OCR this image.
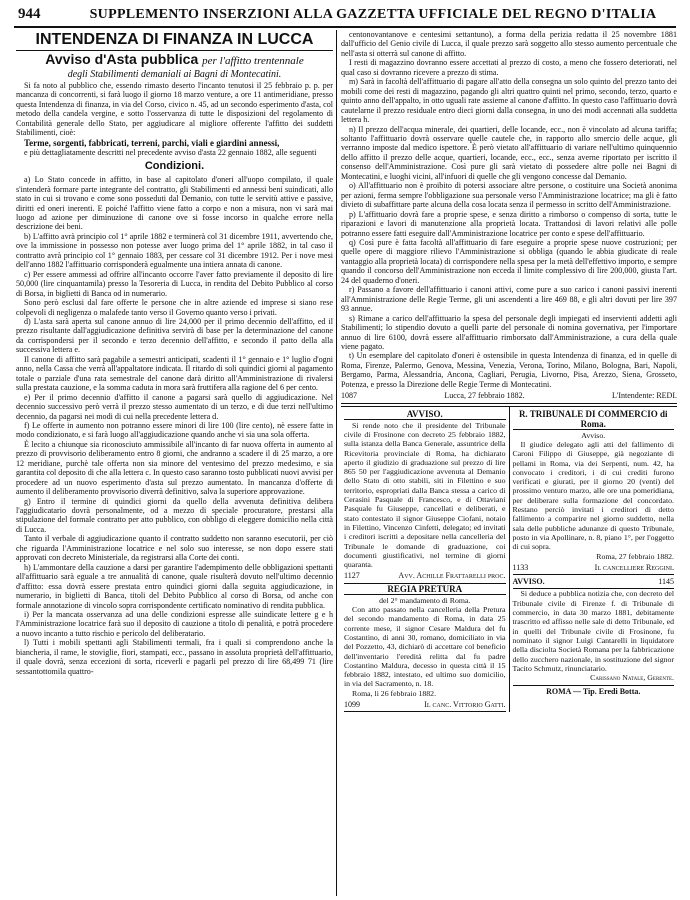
944	SUPPLEMENTO INSERZIONI ALLA GAZZETTA UFFICIALE DEL REGNO D'ITALIA
INTENDENZA DI FINANZA IN LUCCA
Avviso d'Asta pubblica per l'affitto trentennale
degli Stabilimenti demaniali ai Bagni di Montecatini.

Si fa noto al pubblico che, essendo rimasto deserto l'incanto tenutosi il 25 febbraio p. p. per mancanza di concorrenti, si farà luogo il giorno 18 marzo venture, a ore 11 antimeridiane, presso questa Intendenza di finanza, in via del Corso, civico n. 45, ad un secondo esperimento d'asta, col metodo della candela vergine, e sotto l'osservanza di tutte le disposizioni del regolamento di Contabilità generale dello Stato, per aggiudicare al migliore offerente l'affitto dei suddetti Stabilimenti, cioè:

Terme, sorgenti, fabbricati, terreni, parchi, viali e giardini annessi,

e più dettagliatamente descritti nel precedente avviso d'asta 22 gennaio 1882, alle seguenti

Condizioni.

a) Lo Stato concede in affitto, in base al capitolato d'oneri all'uopo compilato, il quale s'intenderà formare parte integrante del contratto, gli Stabilimenti ed annessi beni suindicati, allo stato in cui si trovano e come sono posseduti dal Demanio, con tutte le servitù attive e passive, diritti ed oneri inerenti. E poiché l'affitto viene fatto a corpo e non a misura, non vi sarà mai luogo ad azione per diminuzione di canone ove si fosse incorso in qualche errore nella descrizione dei beni.

b) L'affitto avrà principio col 1° aprile 1882 e terminerà col 31 dicembre 1911, avvertendo che, ove la immissione in possesso non potesse aver luogo prima del 1° aprile 1882, in tal caso il contratto avrà principio col 1° gennaio 1883, per cessare col 31 dicembre 1912. Per i nove mesi dell'anno 1882 l'affittuario corrisponderà egualmente una intiera annata di canone.

c) Per essere ammessi ad offrire all'incanto occorre l'aver fatto previamente il deposito di lire 50,000 (lire cinquantamila) presso la Tesoreria di Lucca, in rendita del Debito Pubblico al corso di Borsa, in biglietti di Banca od in numerario.

Sono però esclusi dal fare offerte le persone che in altre aziende ed imprese si siano rese colpevoli di negligenza o malafede tanto verso il Governo quanto verso i privati.

d) L'asta sarà aperta sul canone annuo di lire 24,000 per il primo decennio dell'affitto, ed il prezzo risultante dall'aggiudicazione definitiva servirà di base per la determinazione del canone da corrispondersi per il secondo e terzo decennio dell'affitto, e secondo il patto della alla successiva lettera e.

Il canone di affitto sarà pagabile a semestri anticipati, scadenti il 1° gennaio e 1° luglio d'ogni anno, nella Cassa che verrà all'appaltatore indicata. Il ritardo di soli quindici giorni al pagamento totale o parziale d'una rata semestrale del canone darà diritto all'Amministrazione di rivalersi sulla prestata cauzione, e la somma caduta in mora sarà fruttifera alla ragione del 6 per cento.

e) Per il primo decennio d'affitto il canone a pagarsi sarà quello di aggiudicazione. Nel decennio successivo però verrà il prezzo stesso aumentato di un terzo, e di due terzi nell'ultimo decennio, da pagarsi nei modi di cui nella precedente lettera d.

f) Le offerte in aumento non potranno essere minori di lire 100 (lire cento), nè essere fatte in modo condizionato, e si farà luogo all'aggiudicazione quando anche vi sia una sola offerta.

È lecito a chiunque sia riconosciuto ammissibile all'incanto di far nuova offerta in aumento al prezzo di provvisorio deliberamento entro 8 giorni, che andranno a scadere il di 25 marzo, a ore 12 meridiane, purchè tale offerta non sia minore del ventesimo del prezzo medesimo, e sia garantita col deposito di che alla lettera c. In questo caso saranno tosto pubblicati nuovi avvisi per procedere ad un nuovo esperimento d'asta sul prezzo aumentato. In mancanza d'offerte di aumento il deliberamento provvisorio diverrà definitivo, salva la superiore approvazione.

g) Entro il termine di quindici giorni da quello della avvenuta definitiva delibera l'aggiudicatario dovrà personalmente, od a mezzo di speciale procuratore, prestarsi alla stipulazione del formale contratto per atto pubblico, con obbligo di eleggere domicilio nella città di Lucca.

Tanto il verbale di aggiudicazione quanto il contratto suddetto non saranno esecutorii, per ciò che riguarda l'Amministrazione locatrice e nel solo suo interesse, se non dopo essere stati approvati con decreto Ministeriale, da registrarsi alla Corte dei conti.

h) L'ammontare della cauzione a darsi per garantire l'adempimento delle obbligazioni spettanti all'affittuario sarà eguale a tre annualità di canone, quale risulterà dovuto nell'ultimo decennio d'affitto: essa dovrà essere prestata entro quindici giorni dalla seguita aggiudicazione, in numerario, in biglietti di Banca, titoli del Debito Pubblico al corso di Borsa, od anche con formale annotazione di vincolo sopra corrispondente certificato nominativo di rendita pubblica.

i) Per la mancata osservanza ad una delle condizioni espresse alle suindicate lettere g e h l'Amministrazione locatrice farà suo il deposito di cauzione a titolo di penalità, e potrà procedere a nuovo incanto a tutto rischio e pericolo del deliberatario.

l) Tutti i mobili spettanti agli Stabilimenti termali, fra i quali si comprendono anche la biancheria, il rame, le stoviglie, fiori, stampati, ecc., passano in assoluta proprietà dell'affittuario, il quale dovrà, senza eccezioni di sorta, riceverli e pagarli pel prezzo di lire 68,499 71 (lire sessantottomila quattro-

centonovantanove e centesimi settantuno), a forma della perizia redatta il 25 novembre 1881 dall'ufficio del Genio civile di Lucca, il quale prezzo sarà soggetto allo stesso aumento percentuale che nell'asta si otterrà sul canone di affitto.

I resti di magazzino dovranno essere accettati al prezzo di costo, a meno che fossero deteriorati, nel qual caso si dovranno ricevere a prezzo di stima.

m) Sarà in facoltà dell'affittuario di pagare all'atto della consegna un solo quinto del prezzo tanto dei mobili come dei resti di magazzino, pagando gli altri quattro quinti nel primo, secondo, terzo, quarto e quinto anno dell'appalto, in otto uguali rate assieme al canone d'affitto. In questo caso l'affittuario dovrà cautelarne il prezzo residuale entro dieci giorni dalla consegna, in uno dei modi accennati alla suddetta lettera h.

n) Il prezzo dell'acqua minerale, dei quartieri, delle locande, ecc., non è vincolato ad alcuna tariffa; soltanto l'affittuario dovrà osservare quelle cautele che, in rapporto allo smercio delle acque, gli verranno imposte dal medico ispettore. È però vietato all'affittuario di variare nell'ultimo quinquennio dello affitto il prezzo delle acque, quartieri, locande, ecc., ecc., senza averne riportato per iscritto il consenso dell'Amministrazione. Così pure gli sarà vietato di possedere altre polle nei Bagni di Montecatini, e luoghi vicini, all'infuori di quelle che gli vengono concesse dal Demanio.

o) All'affittuario non è proibito di potersi associare altre persone, o costituire una Società anonima per azioni, ferma sempre l'obbligazione sua personale verso l'Amministrazione locatrice; ma gli è fatto divieto di subaffittare parte alcuna della cosa locata senza il permesso in scritto dell'Amministrazione.

p) L'affittuario dovrà fare a proprie spese, e senza diritto a rimborso o compenso di sorta, tutte le riparazioni e lavori di manutenzione alla proprietà locata. Trattandosi di lavori relativi alle polle potranno essere fatti eseguire dall'Amministrazione locatrice per conto e spese dell'affittuario.

q) Così pure è fatta facoltà all'affittuario di fare eseguire a proprie spese nuove costruzioni; per quelle opere di maggiore rilievo l'Amministrazione si obbliga (quando le abbia giudicate di reale vantaggio alla proprietà locata) di corrispondere nella spesa per la metà dell'effettivo importo, e sempre quando il concorso dell'Amministrazione non ecceda il limite complessivo di lire 200,000, giusta l'art. 24 del quaderno d'oneri.

r) Passano a favore dell'affittuario i canoni attivi, come pure a suo carico i canoni passivi inerenti all'Amministrazione delle Regie Terme, gli uni ascendenti a lire 469 88, e gli altri dovuti per lire 397 93 annue.

s) Rimane a carico dell'affittuario la spesa del personale degli impiegati ed inservienti addetti agli Stabilimenti; lo stipendio dovuto a quelli parte del personale di nomina governativa, per l'importare annuo di lire 6100, dovrà essere all'affittuario rimborsato dall'Amministrazione, a cura della quale viene pagato.

t) Un esemplare del capitolato d'oneri è ostensibile in questa Intendenza di finanza, ed in quelle di Roma, Firenze, Palermo, Genova, Messina, Venezia, Verona, Torino, Milano, Bologna, Bari, Napoli, Bergamo, Parma, Alessandria, Ancona, Cagliari, Perugia, Livorno, Pisa, Arezzo, Siena, Grosseto, Potenza, e presso la Direzione delle Regie Terme di Montecatini.

1087	Lucca, 27 febbraio 1882.	L'Intendente: REDI.
AVVISO.

Si rende noto che il presidente del Tribunale civile di Frosinone con decreto 25 febbraio 1882, sulla istanza della Banca Generale, assuntrice della Ricevitoria provinciale di Roma, ha dichiarato aperto il giudizio di graduazione sul prezzo di lire 865 50 per l'aggiudicazione avvenuta al Demanio dello Stato di otto stabili, siti in Filettino e suo territorio, espropriati dalla Banca stessa a carico di Cerasini Pasquale di Francesco, e di Ottaviani Pasquale fu Giuseppe, cancellati e deliberati, e stato contestato il signor Giuseppe Ciofani, notaio in Filettino, Vincenzo Cinfetti, delegato; ed invitati i creditori iscritti a depositare nella cancelleria del Tribunale le domande di graduazione, coi documenti giustificativi, nel termine di giorni quaranta.

1127	Avv. Achille Frattarelli proc.
REGIA PRETURA
del 2° mandamento di Roma.

Con atto passato nella cancelleria della Pretura del secondo mandamento di Roma, in data 25 corrente mese, il signor Cesare Maldura del fu Costantino, di anni 30, romano, domiciliato in via del Pozzetto, 43, dichiarò di accettare col beneficio dell'inventario l'eredità relitta dal fu padre Costantino Maldura, decesso in questa città il 15 febbraio 1882, intestato, ed ultimo suo domicilio, in via del Sacramento, n. 18.

Roma, li 26 febbraio 1882.

1099	Il canc. Vittorio Gatti.
R. TRIBUNALE DI COMMERCIO di Roma.
Avviso.

Il giudice delegato agli atti del fallimento di Caroni Filippo di Giuseppe, già negoziante di pellami in Roma, via dei Serpenti, num. 42, ha convocato i creditori, i di cui crediti furono verificati e giurati, per il giorno 20 (venti) del prossimo venturo marzo, alle ore una pomeridiana, per deliberare sulla formazione del concordato. Restano perciò invitati i creditori di detto fallimento a comparire nel giorno suddetto, nella sala delle pubbliche adunanze di questo Tribunale, posto in via Apollinare, n. 8, piano 1°, per l'oggetto di cui sopra.

Roma, 27 febbraio 1882.

1133	Il cancelliere Reggini.
AVVISO.	1145

Si deduce a pubblica notizia che, con decreto del Tribunale civile di Firenze f. di Tribunale di commercio, in data 30 marzo 1881, debitamente trascritto ed affisso nelle sale di detto Tribunale, ed in quelli del Tribunale civile di Frosinone, fu nominato il signor Luigi Cantarelli in liquidatore della disciolta Società Romana per la fabbricazione dello zucchero nazionale, in sostituzione del signor Tacito Schmutz, rinunciatario.

Carissano Natale, Gerente.

ROMA — Tip. Eredi Botta.
